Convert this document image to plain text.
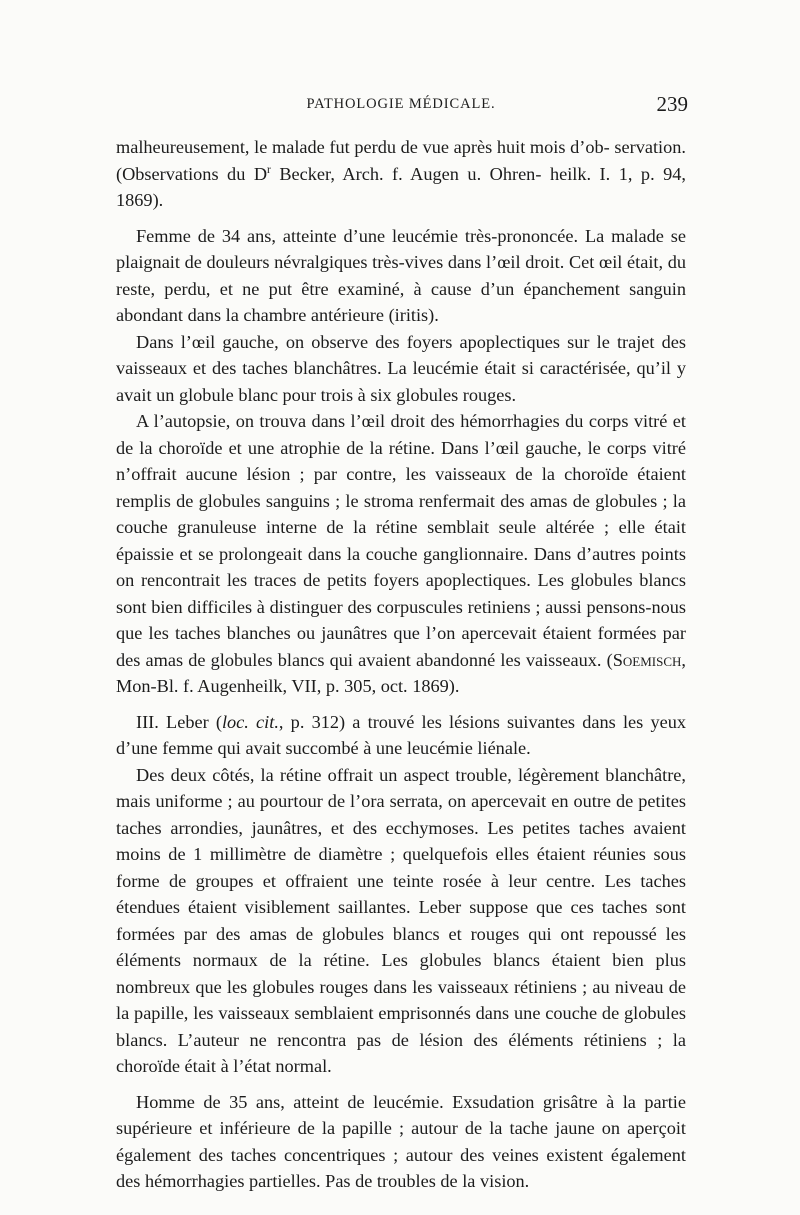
PATHOLOGIE MÉDICALE.	239

malheureusement, le malade fut perdu de vue après huit mois d’ob- servation. (Observations du $D^r$ Becker, Arch. f. Augen u. Ohren- heilk. I. 1, p. 94, 1869).

Femme de 34 ans, atteinte d’une leucémie très-prononcée. La malade se plaignait de douleurs névralgiques très-vives dans l’œil droit. Cet œil était, du reste, perdu, et ne put être examiné, à cause d’un épanchement sanguin abondant dans la chambre antérieure (iritis).

Dans l’œil gauche, on observe des foyers apoplectiques sur le trajet des vaisseaux et des taches blanchâtres. La leucémie était si caractérisée, qu’il y avait un globule blanc pour trois à six globules rouges.

A l’autopsie, on trouva dans l’œil droit des hémorrhagies du corps vitré et de la choroïde et une atrophie de la rétine. Dans l’œil gauche, le corps vitré n’offrait aucune lésion ; par contre, les vaisseaux de la choroïde étaient remplis de globules sanguins ; le stroma renfermait des amas de globules ; la couche granuleuse interne de la rétine semblait seule altérée ; elle était épaissie et se prolongeait dans la couche ganglionnaire. Dans d’autres points on rencontrait les traces de petits foyers apoplectiques. Les globules blancs sont bien difficiles à distinguer des corpuscules retiniens ; aussi pensons-nous que les taches blanches ou jaunâtres que l’on apercevait étaient formées par des amas de globules blancs qui avaient abandonné les vaisseaux. (Soemisch, Mon-Bl. f. Augenheilk, VII, p. 305, oct. 1869).

III. Leber (loc. cit., p. 312) a trouvé les lésions suivantes dans les yeux d’une femme qui avait succombé à une leucémie liénale.

Des deux côtés, la rétine offrait un aspect trouble, légèrement blanchâtre, mais uniforme ; au pourtour de l’ora serrata, on apercevait en outre de petites taches arrondies, jaunâtres, et des ecchymoses. Les petites taches avaient moins de 1 millimètre de diamètre ; quelquefois elles étaient réunies sous forme de groupes et offraient une teinte rosée à leur centre. Les taches étendues étaient visiblement saillantes. Leber suppose que ces taches sont formées par des amas de globules blancs et rouges qui ont repoussé les éléments normaux de la rétine. Les globules blancs étaient bien plus nombreux que les globules rouges dans les vaisseaux rétiniens ; au niveau de la papille, les vaisseaux semblaient emprisonnés dans une couche de globules blancs. L’auteur ne rencontra pas de lésion des éléments rétiniens ; la choroïde était à l’état normal.

Homme de 35 ans, atteint de leucémie. Exsudation grisâtre à la partie supérieure et inférieure de la papille ; autour de la tache jaune on aperçoit également des taches concentriques ; autour des veines existent également des hémorrhagies partielles. Pas de troubles de la vision.
